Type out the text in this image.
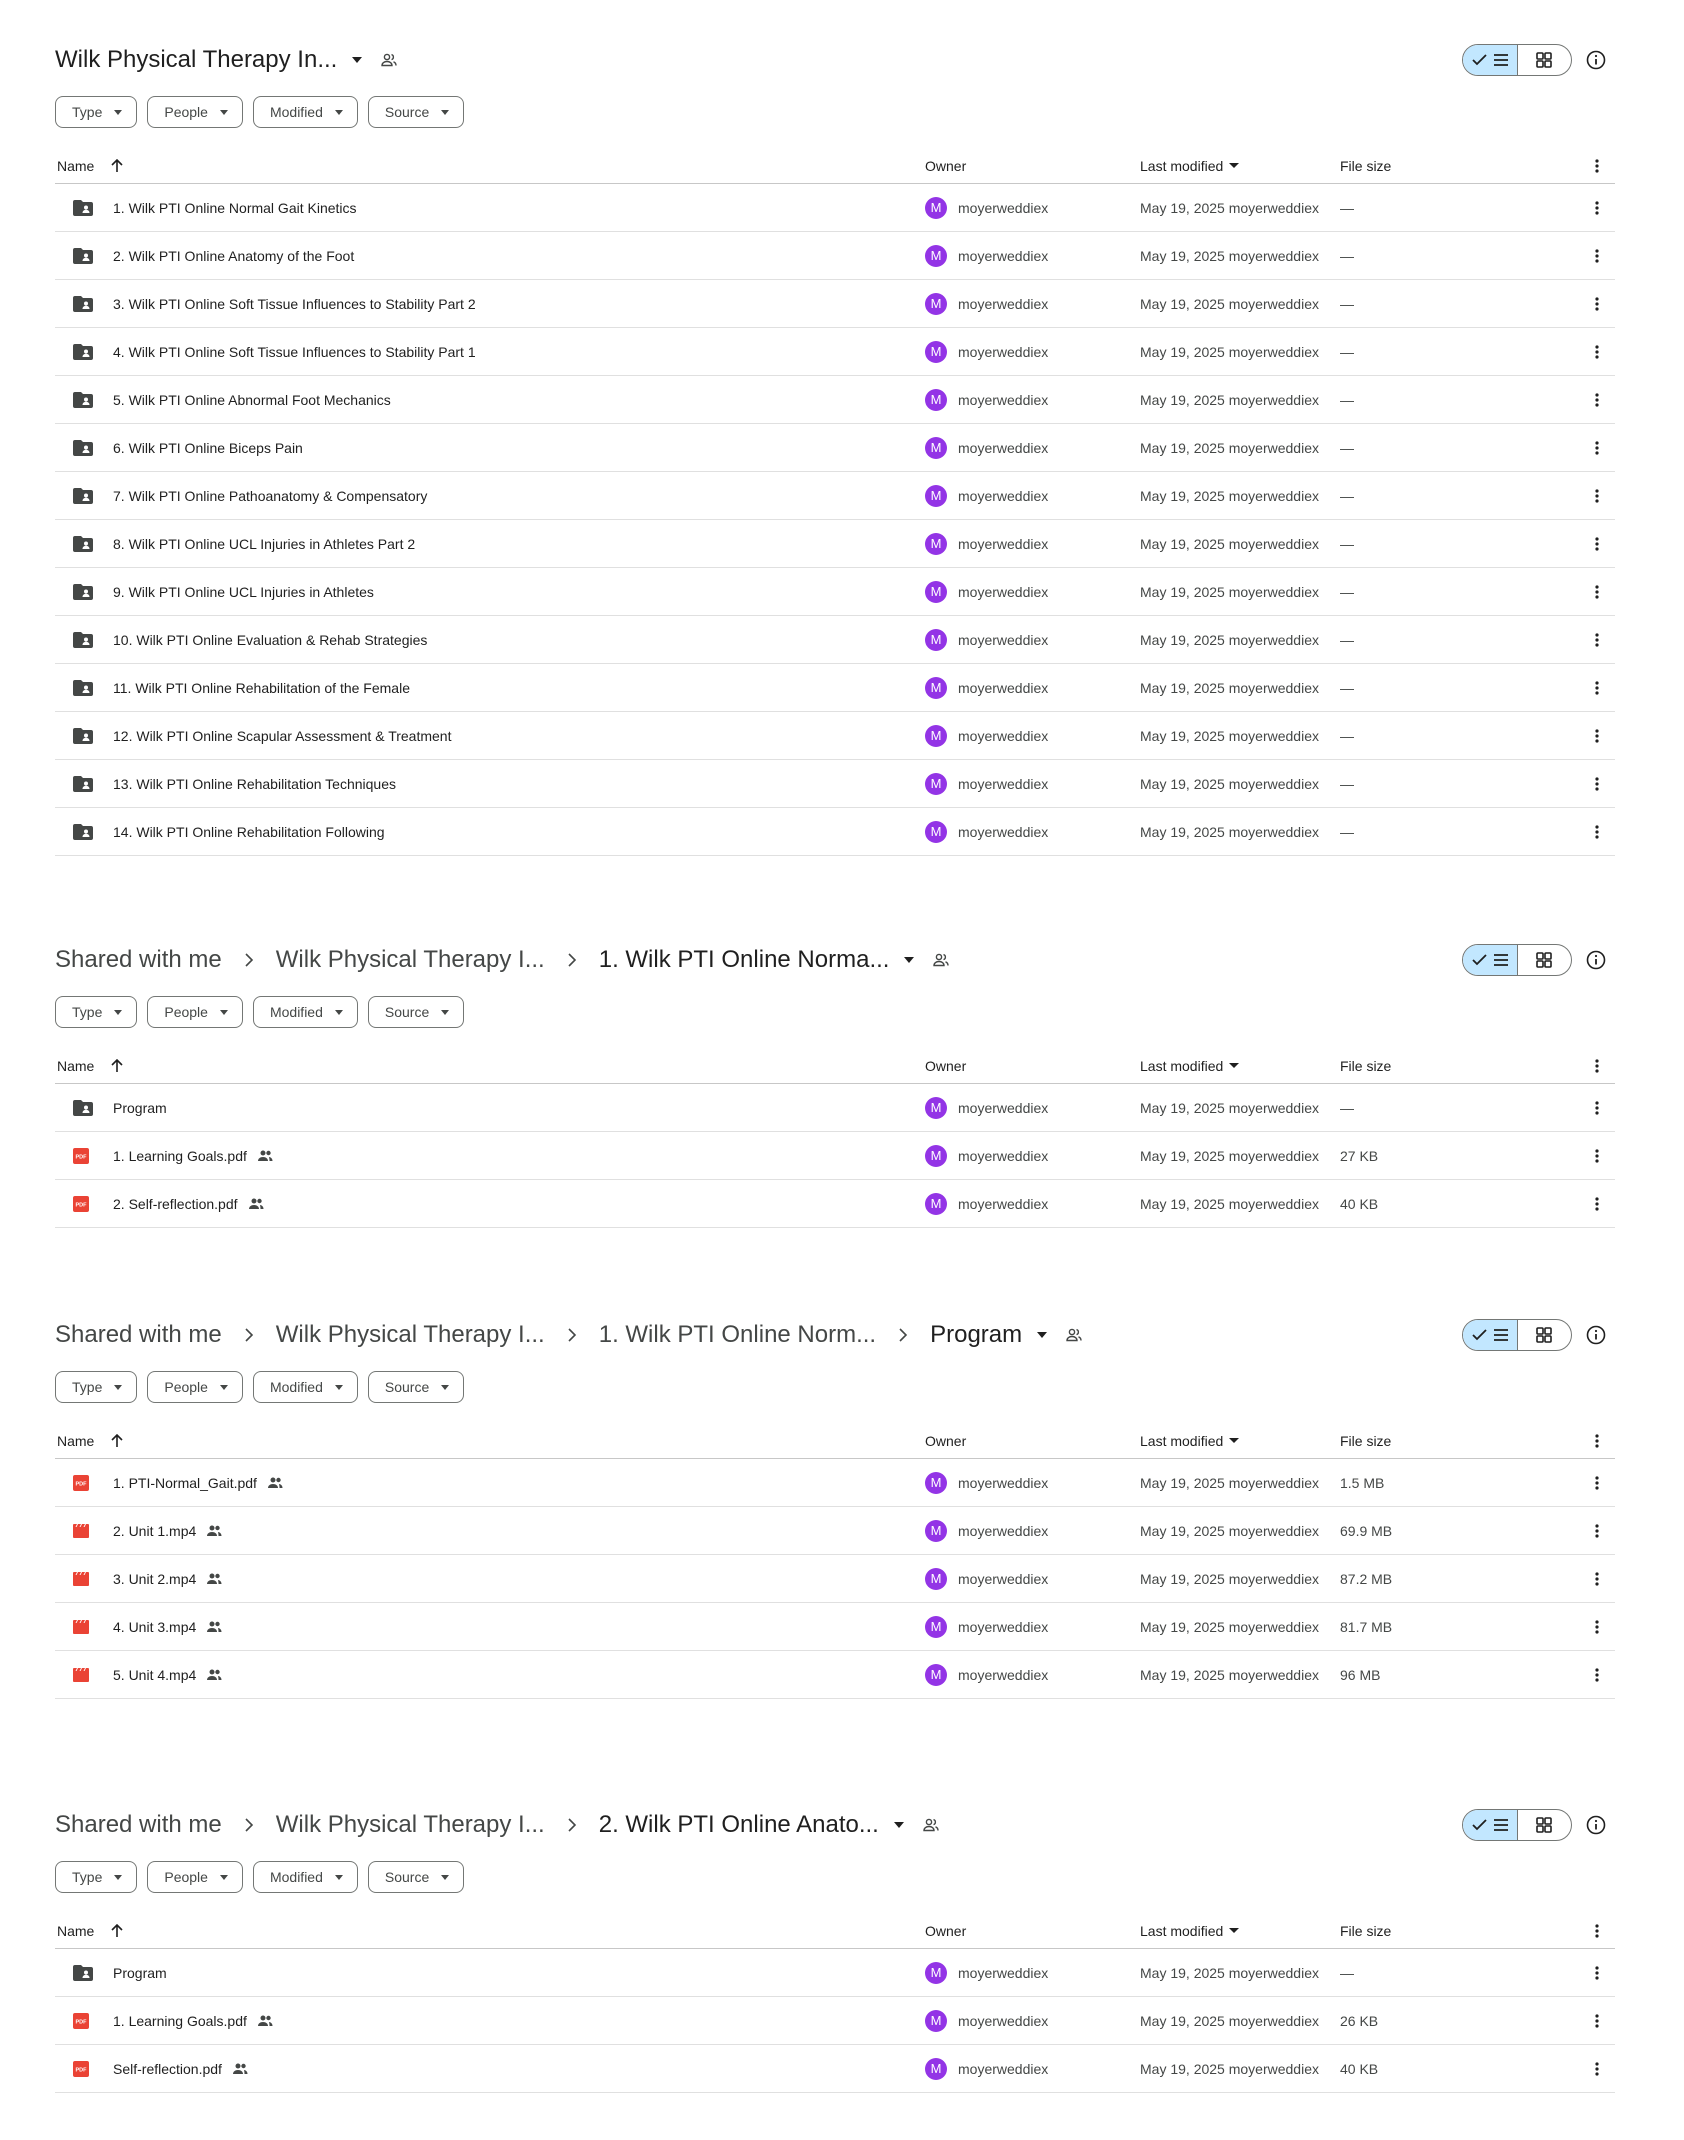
Wilk Physical Therapy In...
Type	People	Modified	Source
Name	Owner	Last modified	File size
1. Wilk PTI Online Normal Gait Kinetics	M	moyerweddiex	May 19, 2025 moyerweddiex —
2. Wilk PTI Online Anatomy of the Foot	M	moyerweddiex	May 19, 2025 moyerweddiex —
3. Wilk PTI Online Soft Tissue Influences to Stability Part 2	M	moyerweddiex	May 19, 2025 moyerweddiex —
4. Wilk PTI Online Soft Tissue Influences to Stability Part 1	M	moyerweddiex	May 19, 2025 moyerweddiex —
5. Wilk PTI Online Abnormal Foot Mechanics	M	moyerweddiex	May 19, 2025 moyerweddiex —
6. Wilk PTI Online Biceps Pain	M	moyerweddiex	May 19, 2025 moyerweddiex —
7. Wilk PTI Online Pathoanatomy & Compensatory	M	moyerweddiex	May 19, 2025 moyerweddiex —
8. Wilk PTI Online UCL Injuries in Athletes Part 2	M	moyerweddiex	May 19, 2025 moyerweddiex —
9. Wilk PTI Online UCL Injuries in Athletes	M	moyerweddiex	May 19, 2025 moyerweddiex —
10. Wilk PTI Online Evaluation & Rehab Strategies	M	moyerweddiex	May 19, 2025 moyerweddiex —
11. Wilk PTI Online Rehabilitation of the Female	M	moyerweddiex	May 19, 2025 moyerweddiex —
12. Wilk PTI Online Scapular Assessment & Treatment	M	moyerweddiex	May 19, 2025 moyerweddiex —
13. Wilk PTI Online Rehabilitation Techniques	M	moyerweddiex	May 19, 2025 moyerweddiex —
14. Wilk PTI Online Rehabilitation Following	M	moyerweddiex	May 19, 2025 moyerweddiex —
Shared with me Wilk Physical Therapy I... 1. Wilk PTI Online Norma...
Type	People	Modified	Source
Name	Owner	Last modified	File size
Program	M	moyerweddiex	May 19, 2025 moyerweddiex —
PDF 1. Learning Goals.pdf	M	moyerweddiex	May 19, 2025 moyerweddiex 27 KB
PDF 2. Self-reflection.pdf	M	moyerweddiex	May 19, 2025 moyerweddiex 40 KB
Shared with me Wilk Physical Therapy I... 1. Wilk PTI Online Norm... Program
Type	People	Modified	Source
Name	Owner	Last modified	File size
PDF 1. PTI-Normal_Gait.pdf	M	moyerweddiex	May 19, 2025 moyerweddiex 1.5 MB
2. Unit 1.mp4	M	moyerweddiex	May 19, 2025 moyerweddiex 69.9 MB
3. Unit 2.mp4	M	moyerweddiex	May 19, 2025 moyerweddiex 87.2 MB
4. Unit 3.mp4	M	moyerweddiex	May 19, 2025 moyerweddiex 81.7 MB
5. Unit 4.mp4	M	moyerweddiex	May 19, 2025 moyerweddiex 96 MB
Shared with me Wilk Physical Therapy I... 2. Wilk PTI Online Anato...
Type	People	Modified	Source
Name	Owner	Last modified	File size
Program	M	moyerweddiex	May 19, 2025 moyerweddiex —
PDF 1. Learning Goals.pdf	M	moyerweddiex	May 19, 2025 moyerweddiex 26 KB
PDF Self-reflection.pdf	M	moyerweddiex	May 19, 2025 moyerweddiex 40 KB
